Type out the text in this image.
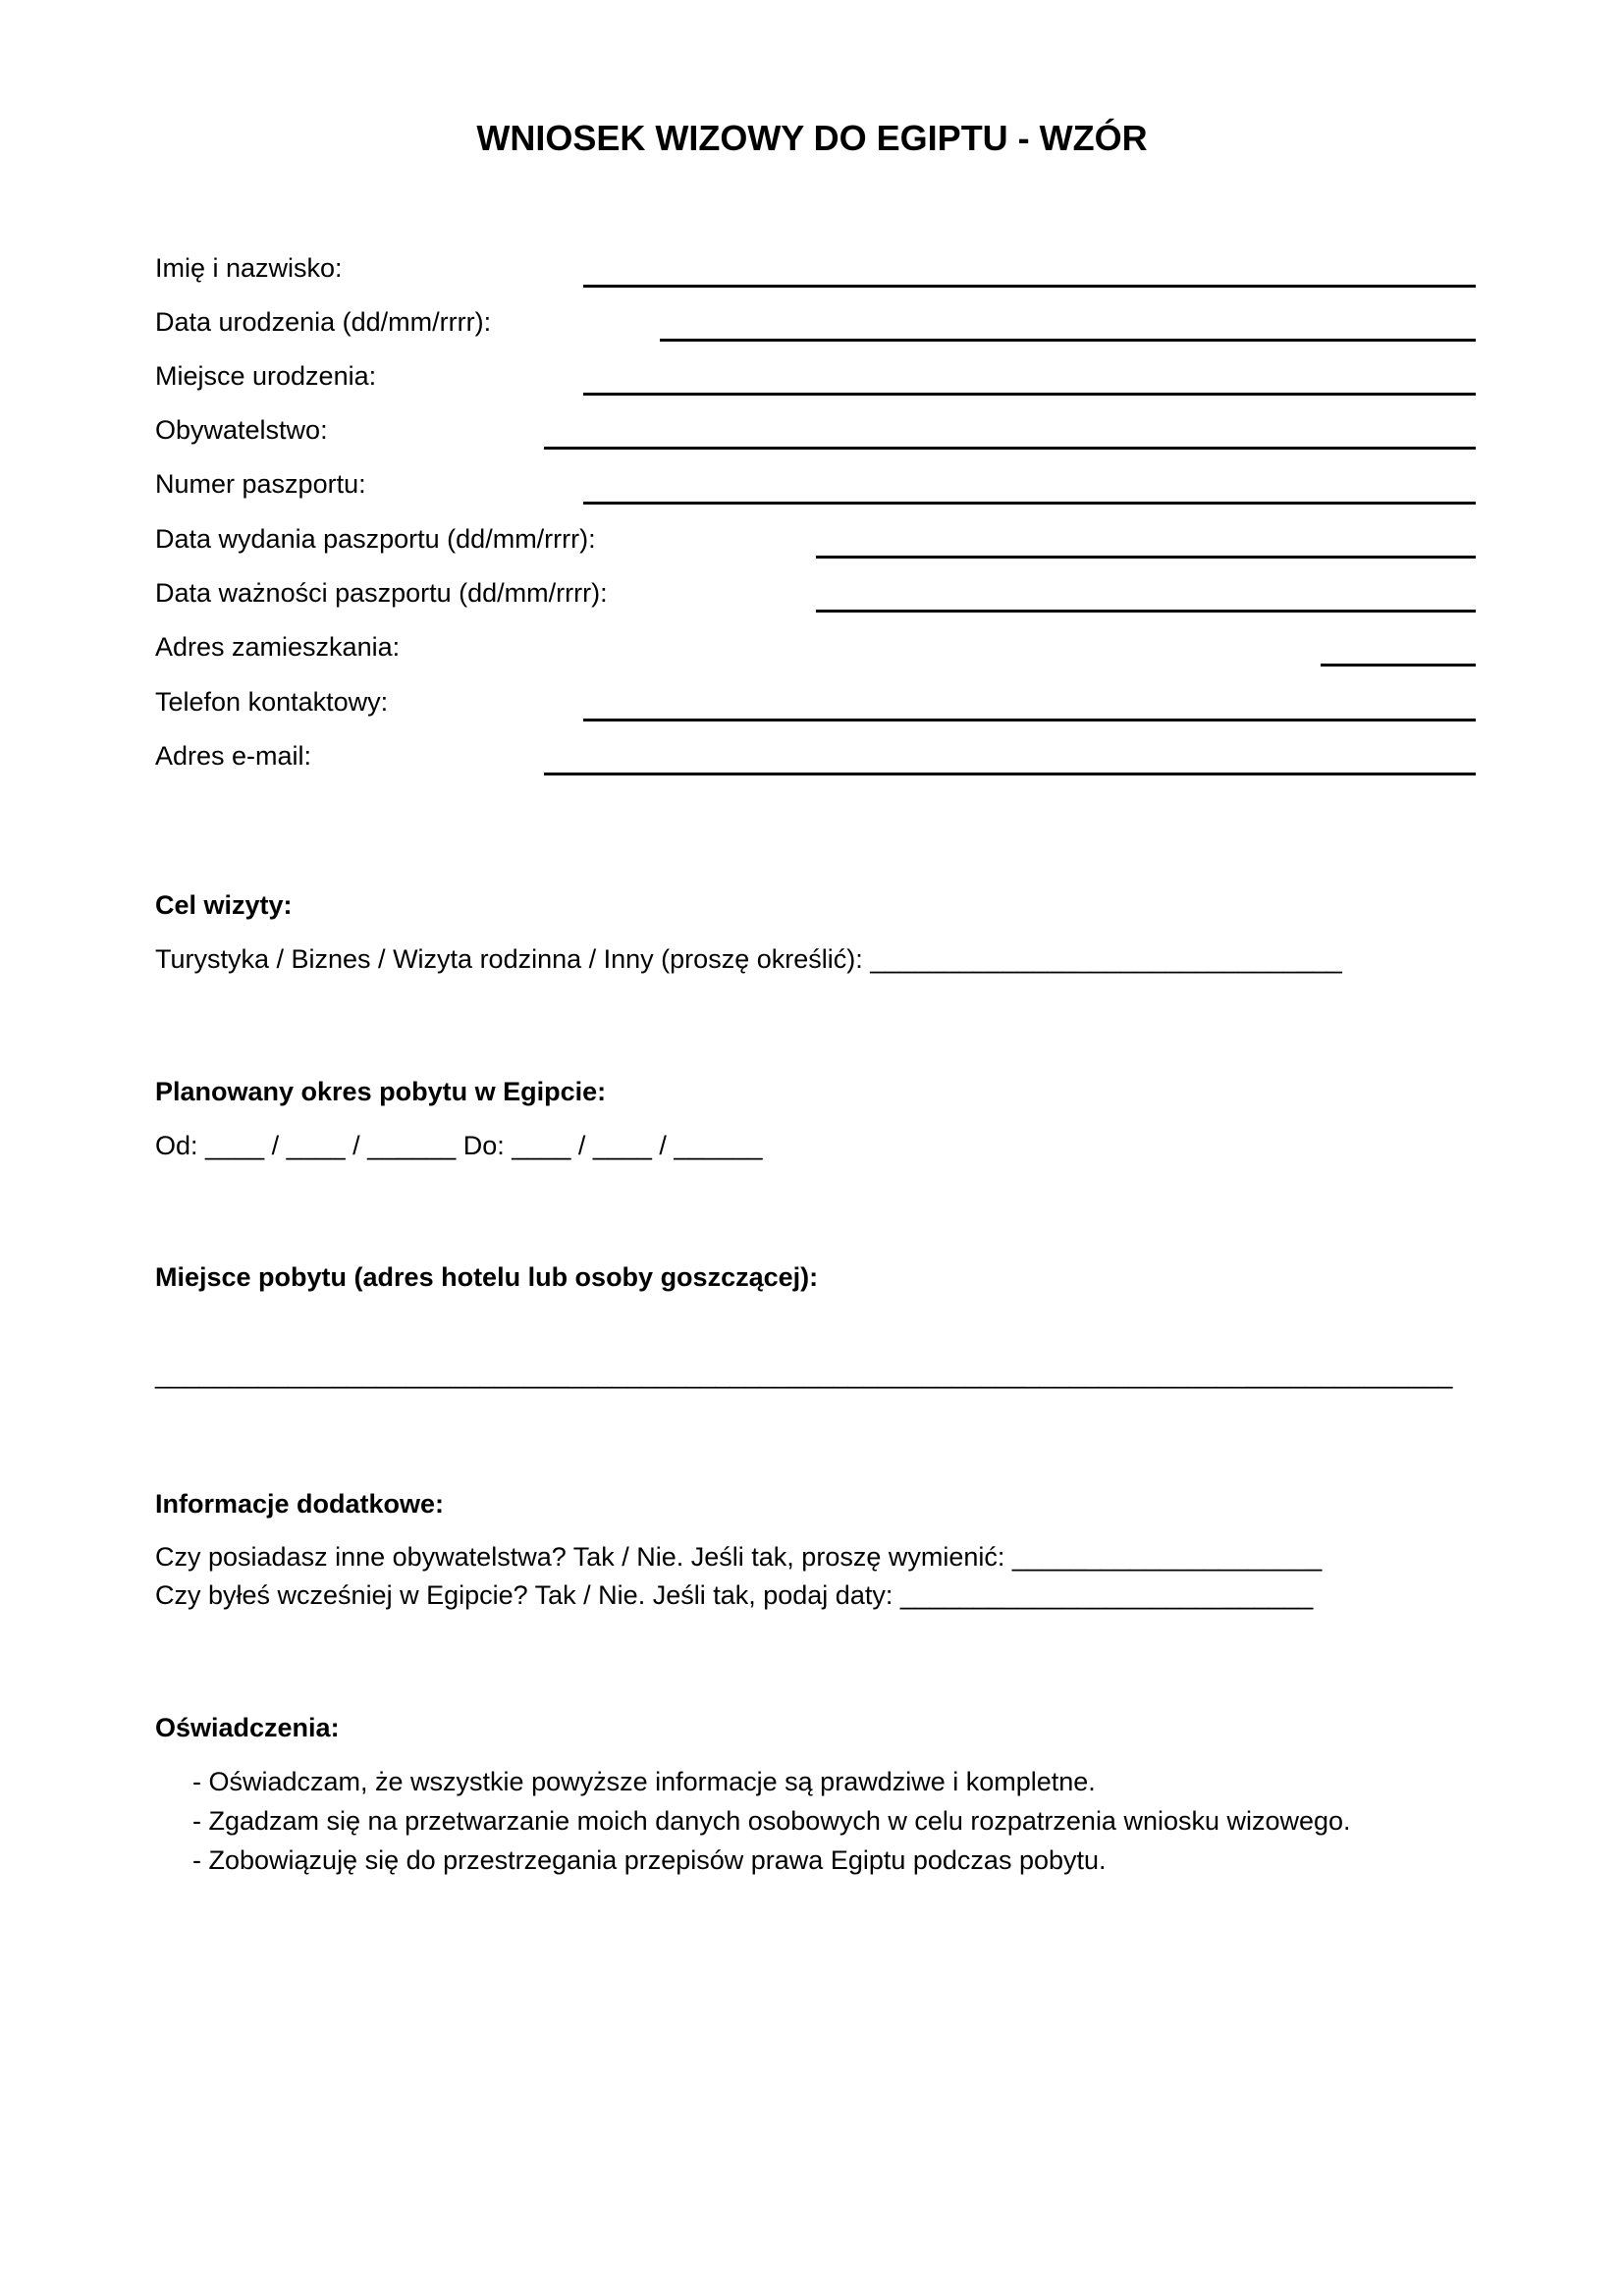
WNIOSEK WIZOWY DO EGIPTU - WZÓR
Imię i nazwisko:
Data urodzenia (dd/mm/rrrr):
Miejsce urodzenia:
Obywatelstwo:
Numer paszportu:
Data wydania paszportu (dd/mm/rrrr):
Data ważności paszportu (dd/mm/rrrr):
Adres zamieszkania:
Telefon kontaktowy:
Adres e-mail:
Cel wizyty:
Turystyka / Biznes / Wizyta rodzinna / Inny (proszę określić): ________________________________
Planowany okres pobytu w Egipcie:
Od: ____ / ____ / ______ Do: ____ / ____ / ______
Miejsce pobytu (adres hotelu lub osoby goszczącej):
________________________________________________________________________________________
Informacje dodatkowe:
Czy posiadasz inne obywatelstwa? Tak / Nie. Jeśli tak, proszę wymienić: _____________________
Czy byłeś wcześniej w Egipcie? Tak / Nie. Jeśli tak, podaj daty: ____________________________
Oświadczenia:
- Oświadczam, że wszystkie powyższe informacje są prawdziwe i kompletne.
- Zgadzam się na przetwarzanie moich danych osobowych w celu rozpatrzenia wniosku wizowego.
- Zobowiązuję się do przestrzegania przepisów prawa Egiptu podczas pobytu.
